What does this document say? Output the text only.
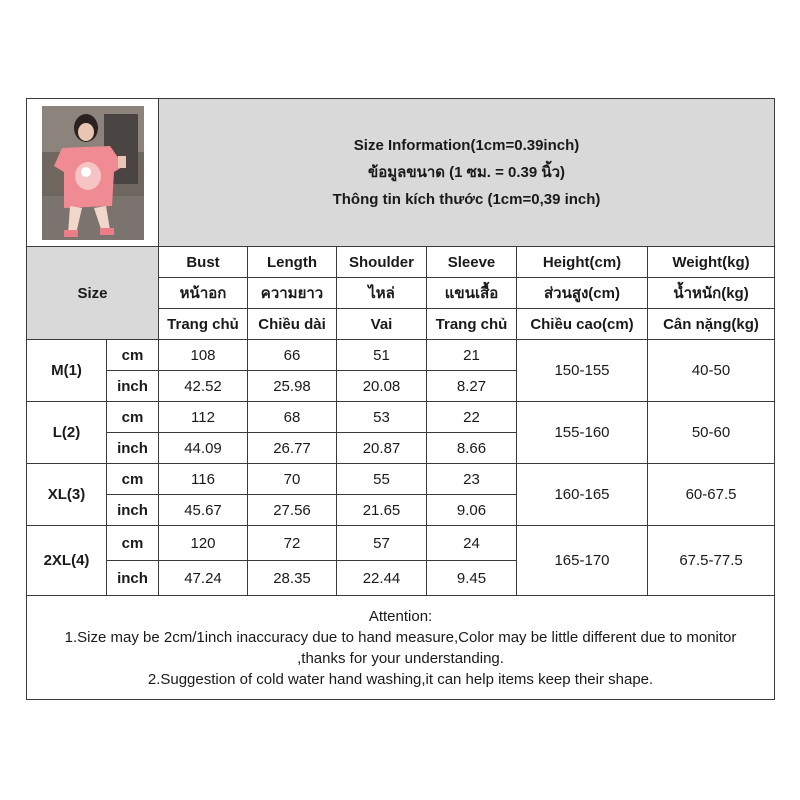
Size Information(1cm=0.39inch)
ข้อมูลขนาด (1 ซม. = 0.39 นิ้ว)
Thông tin kích thước (1cm=0,39 inch)					

Size		Bust	Length	Shoulder	Sleeve	Height(cm)	Weight(kg)
		หน้าอก	ความยาว	ไหล่	แขนเสื้อ	ส่วนสูง(cm)	น้ำหนัก(kg)
		Trang chủ	Chiều dài	Vai	Trang chủ	Chiều cao(cm)	Cân nặng(kg)
M(1)	cm	108	66	51	21	150-155	40-50
	inch	42.52	25.98	20.08	8.27		
L(2)	cm	112	68	53	22	155-160	50-60
	inch	44.09	26.77	20.87	8.66		
XL(3)	cm	116	70	55	23	160-165	60-67.5
	inch	45.67	27.56	21.65	9.06		
2XL(4)	cm	120	72	57	24	165-170	67.5-77.5
	inch	47.24	28.35	22.44	9.45		

Attention:
1.Size may be 2cm/1inch inaccuracy due to hand measure,Color may be little different due to monitor
,thanks for your understanding.
2.Suggestion of cold water hand washing,it can help items keep their shape.							
